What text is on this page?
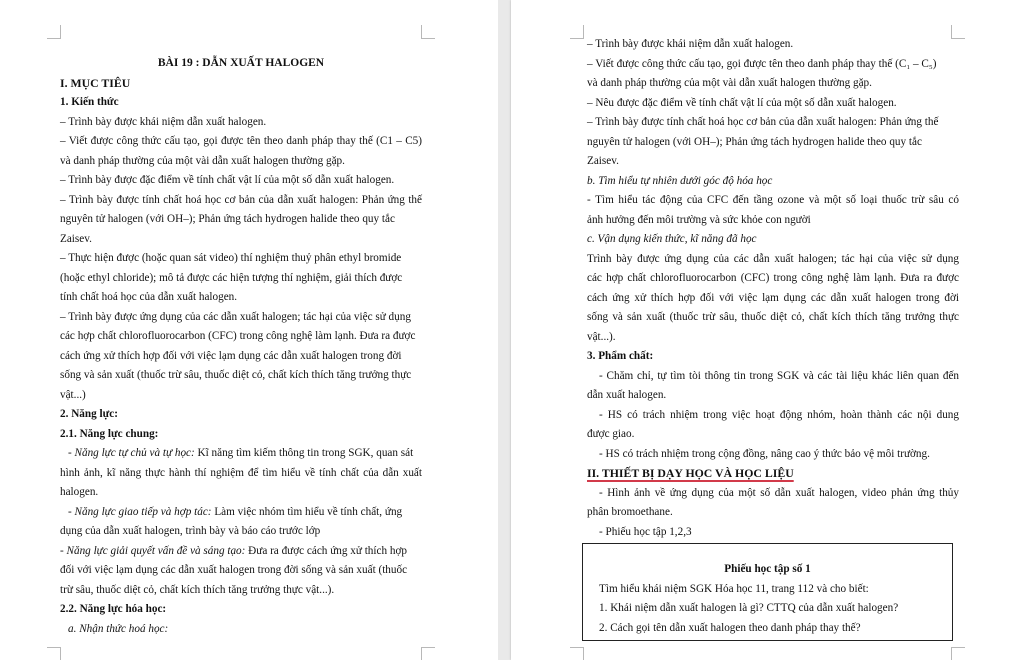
BÀI 19 : DẪN XUẤT HALOGEN
I. MỤC TIÊU
1. Kiến thức
– Trình bày được khái niệm dẫn xuất halogen.
– Viết được công thức cấu tạo, gọi được tên theo danh pháp thay thế (C1 – C5)
và danh pháp thường của một vài dẫn xuất halogen thường gặp.
– Trình bày được đặc điểm về tính chất vật lí của một số dẫn xuất halogen.
– Trình bày được tính chất hoá học cơ bản của dẫn xuất halogen: Phản ứng thế
nguyên tử halogen (với OH–); Phản ứng tách hydrogen halide theo quy tắc
Zaisev.
– Thực hiện được (hoặc quan sát video) thí nghiệm thuỷ phân ethyl bromide
(hoặc ethyl chloride); mô tả được các hiện tượng thí nghiệm, giải thích được
tính chất hoá học của dẫn xuất halogen.
– Trình bày được ứng dụng của các dẫn xuất halogen; tác hại của việc sử dụng
các hợp chất chlorofluorocarbon (CFC) trong công nghệ làm lạnh. Đưa ra được
cách ứng xử thích hợp đối với việc lạm dụng các dẫn xuất halogen trong đời
sống và sản xuất (thuốc trừ sâu, thuốc diệt cỏ, chất kích thích tăng trưởng thực
vật...)
2. Năng lực:
2.1. Năng lực chung:
- Năng lực tự chủ và tự học: Kĩ năng tìm kiếm thông tin trong SGK, quan sát
hình ảnh, kĩ năng thực hành thí nghiệm để tìm hiểu về tính chất của dẫn xuất
halogen.
- Năng lực giao tiếp và hợp tác: Làm việc nhóm tìm hiểu về tính chất, ứng
dụng của dẫn xuất halogen, trình bày và báo cáo trước lớp
- Năng lực giải quyết vấn đề và sáng tạo: Đưa ra được cách ứng xử thích hợp
đối với việc lạm dụng các dẫn xuất halogen trong đời sống và sản xuất (thuốc
trừ sâu, thuốc diệt cỏ, chất kích thích tăng trưởng thực vật...).
2.2. Năng lực hóa học:
a. Nhận thức hoá học:
– Trình bày được khái niệm dẫn xuất halogen.
– Viết được công thức cấu tạo, gọi được tên theo danh pháp thay thế (C₁ – C₅)
và danh pháp thường của một vài dẫn xuất halogen thường gặp.
– Nêu được đặc điểm về tính chất vật lí của một số dẫn xuất halogen.
– Trình bày được tính chất hoá học cơ bản của dẫn xuất halogen: Phản ứng thế
nguyên tử halogen (với OH–); Phản ứng tách hydrogen halide theo quy tắc
Zaisev.
b. Tìm hiểu tự nhiên dưới góc độ hóa học
- Tìm hiểu tác động của CFC đến tầng ozone và một số loại thuốc trừ sâu có
ảnh hưởng đến môi trường và sức khỏe con người
c. Vận dụng kiến thức, kĩ năng đã học
Trình bày được ứng dụng của các dẫn xuất halogen; tác hại của việc sử dụng
các hợp chất chlorofluorocarbon (CFC) trong công nghệ làm lạnh. Đưa ra được
cách ứng xử thích hợp đối với việc lạm dụng các dẫn xuất halogen trong đời
sống và sản xuất (thuốc trừ sâu, thuốc diệt cỏ, chất kích thích tăng trưởng thực
vật...).
3. Phẩm chất:
- Chăm chỉ, tự tìm tòi thông tin trong SGK và các tài liệu khác liên quan đến
dẫn xuất halogen.
- HS có trách nhiệm trong việc hoạt động nhóm, hoàn thành các nội dung
được giao.
- HS có trách nhiệm trong cộng đồng, nâng cao ý thức bảo vệ môi trường.
II. THIẾT BỊ DẠY HỌC VÀ HỌC LIỆU
- Hình ảnh về ứng dụng của một số dẫn xuất halogen, video phản ứng thủy
phân bromoethane.
- Phiếu học tập 1,2,3
Phiếu học tập số 1
Tìm hiểu khái niệm SGK Hóa học 11, trang 112 và cho biết:
1. Khái niệm dẫn xuất halogen là gì? CTTQ của dẫn xuất halogen?
2. Cách gọi tên dẫn xuất halogen theo danh pháp thay thế?
